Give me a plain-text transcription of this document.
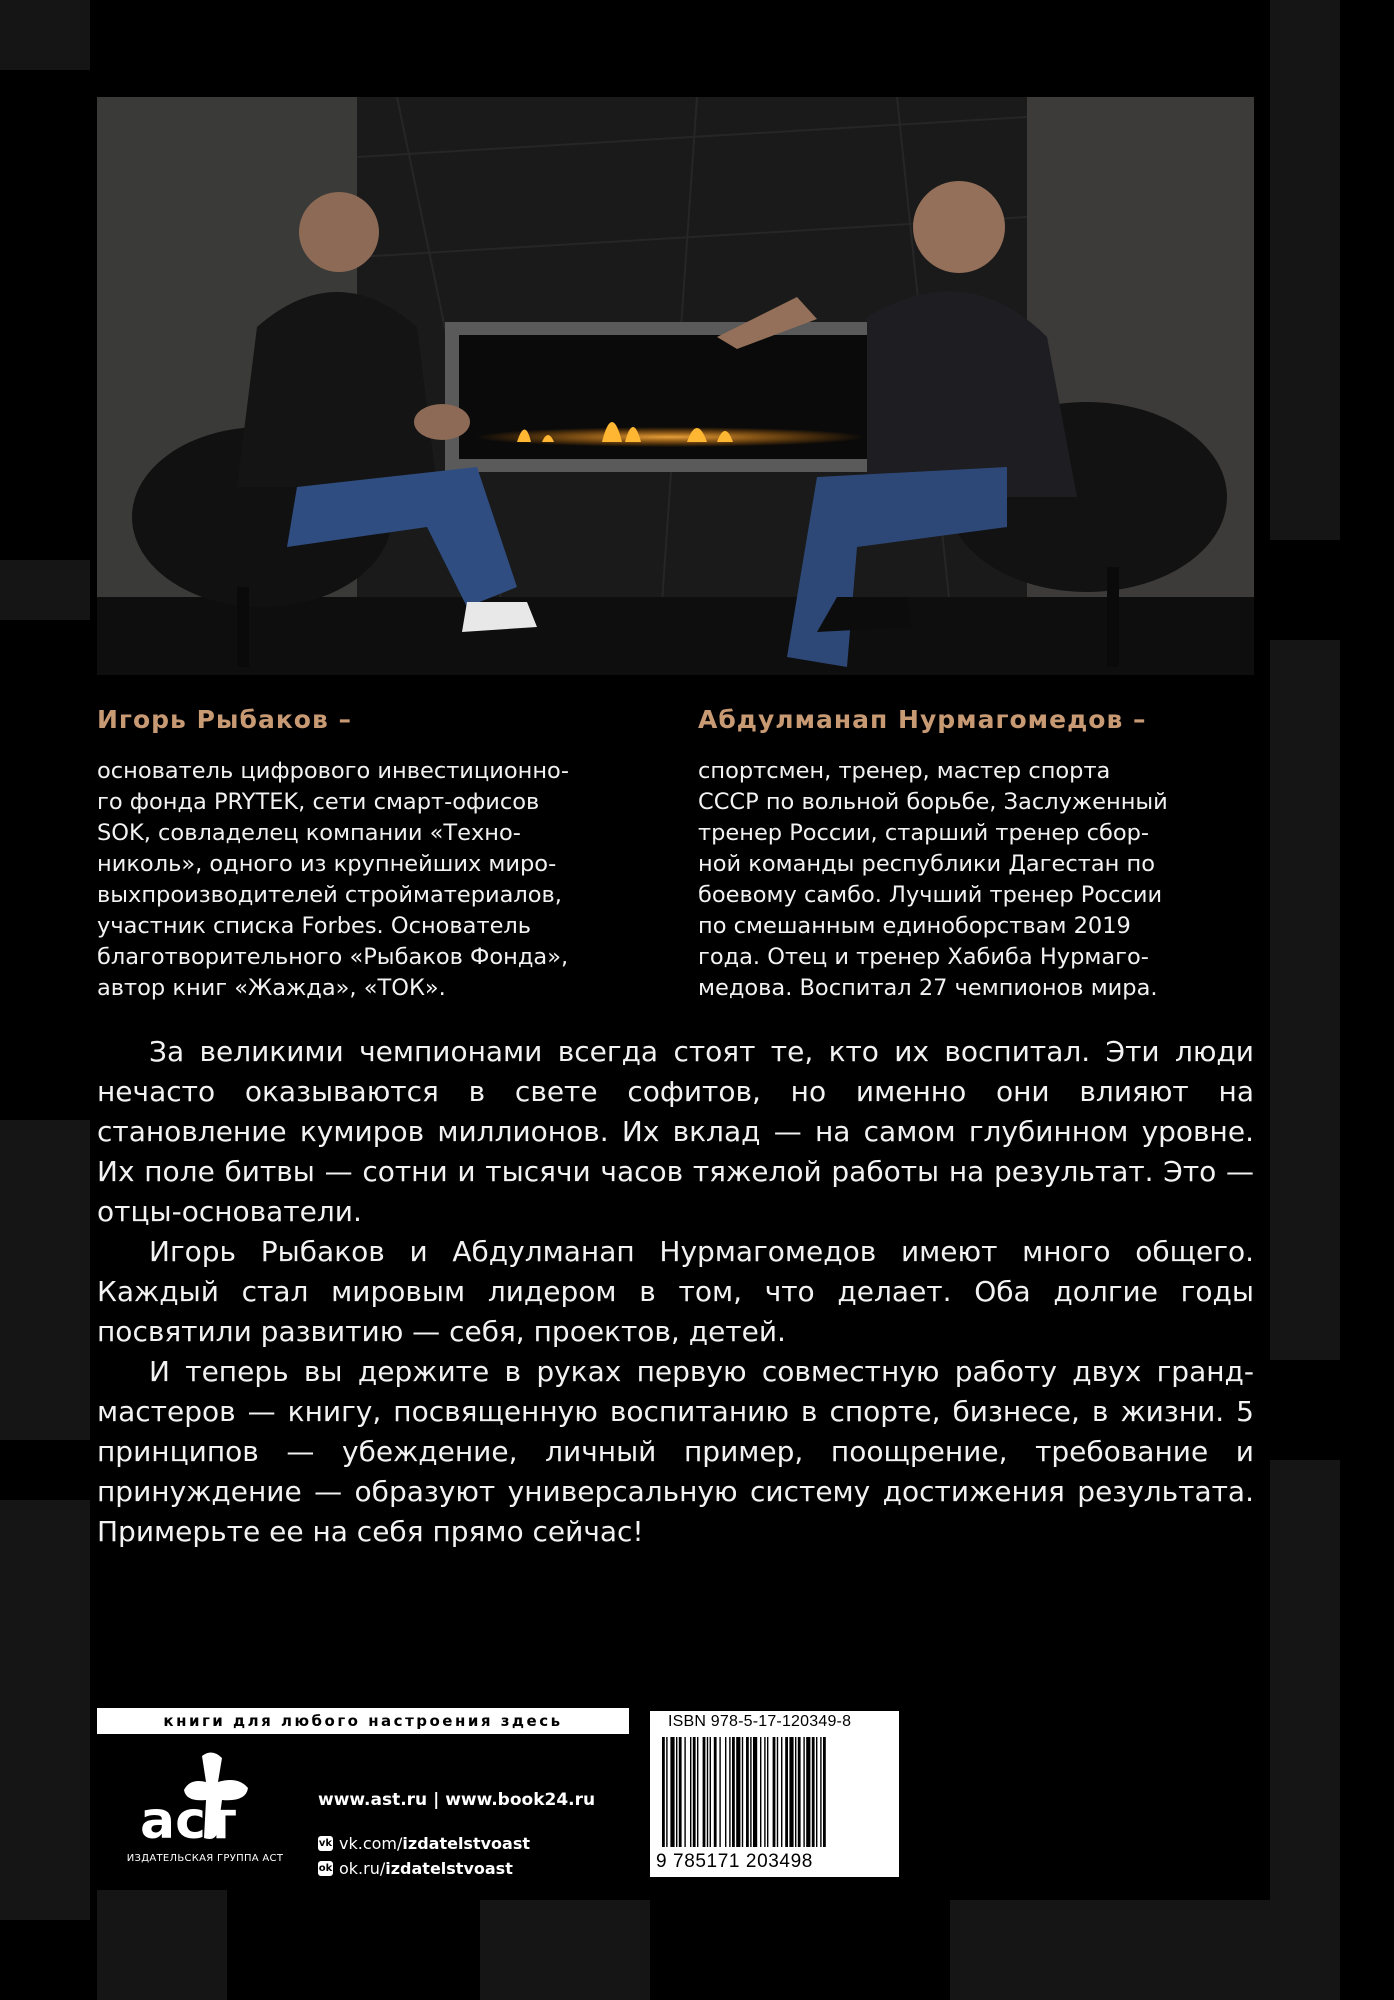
Игорь Рыбаков –	Абдулманап Нурмагомедов –
основатель цифрового инвестиционно-
го фонда PRYTEK, сети смарт-офисов
SOK, совладелец компании «Техно-
николь», одного из крупнейших миро-
выхпроизводителей стройматериалов,
участник списка Forbes. Основатель
благотворительного «Рыбаков Фонда»,
автор книг «Жажда», «ТОК».
спортсмен, тренер, мастер спорта
СССР по вольной борьбе, Заслуженный
тренер России, старший тренер сбор-
ной команды республики Дагестан по
боевому самбо. Лучший тренер России
по смешанным единоборствам 2019
года. Отец и тренер Хабиба Нурмаго-
медова. Воспитал 27 чемпионов мира.

За великими чемпионами всегда стоят те, кто их воспитал. Эти люди нечасто оказываются в свете софитов, но именно они влияют на становление кумиров миллионов. Их вклад — на самом глубинном уровне. Их поле битвы — сотни и тысячи часов тяжелой работы на результат. Это — отцы-основатели.

Игорь Рыбаков и Абдулманап Нурмагомедов имеют много общего. Каждый стал мировым лидером в том, что делает. Оба долгие годы посвятили развитию — себя, проектов, детей.

И теперь вы держите в руках первую совместную работу двух гранд-мастеров — книгу, посвященную воспитанию в спорте, бизнесе, в жизни. 5 принципов — убеждение, личный пример, поощрение, требование и принуждение — образуют универсальную систему достижения результата. Примерьте ее на себя прямо сейчас!

книги для любого настроения здесь
аст
ИЗДАТЕЛЬСКАЯ ГРУППА АСТ
www.ast.ru | www.book24.ru
vk vk.com/ izdatelstvoast
ok ok.ru/ izdatelstvoast
ISBN 978-5-17-120349-8
9 785171 203498
